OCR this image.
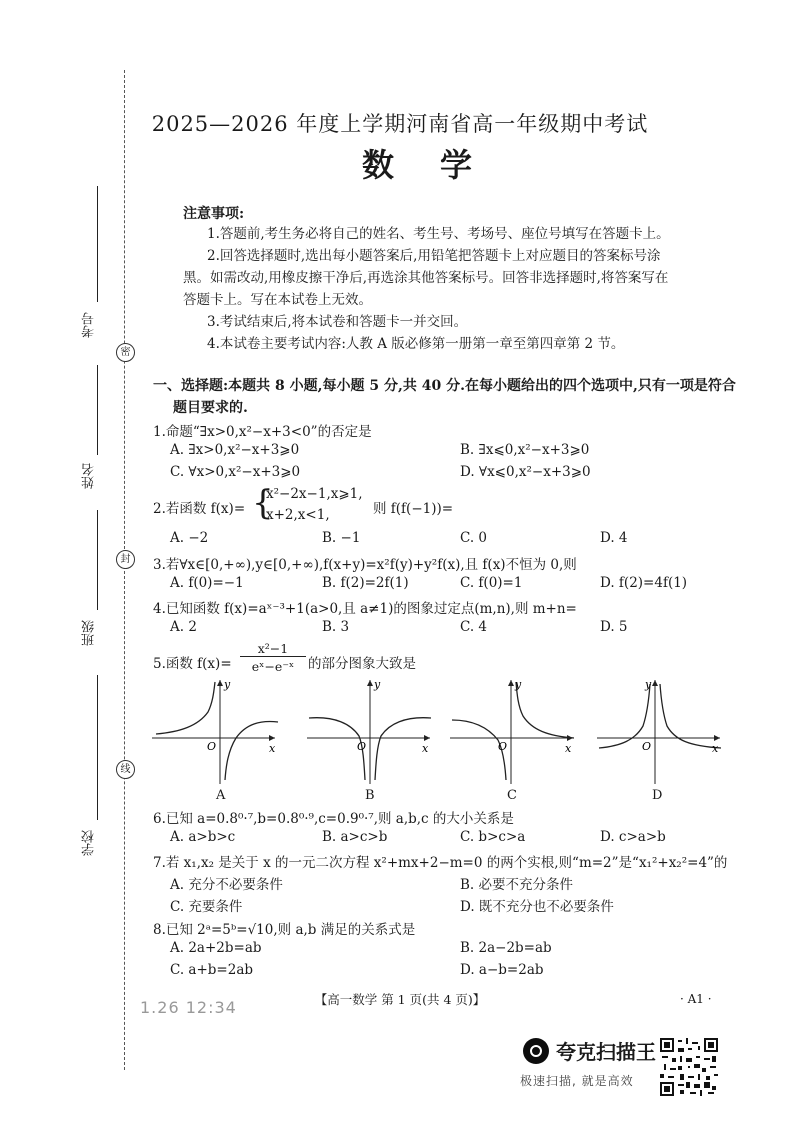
密
封
线
考号
姓名
班级
学校
2025—2026 年度上学期河南省高一年级期中考试
数学
注意事项:
1.答题前,考生务必将自己的姓名、考生号、考场号、座位号填写在答题卡上。
2.回答选择题时,选出每小题答案后,用铅笔把答题卡上对应题目的答案标号涂
黑。如需改动,用橡皮擦干净后,再选涂其他答案标号。回答非选择题时,将答案写在
答题卡上。写在本试卷上无效。
3.考试结束后,将本试卷和答题卡一并交回。
4.本试卷主要考试内容:人教 A 版必修第一册第一章至第四章第 2 节。
一、选择题:本题共 8 小题,每小题 5 分,共 40 分.在每小题给出的四个选项中,只有一项是符合
题目要求的.
1.命题“∃x>0,x²−x+3<0”的否定是
A. ∃x>0,x²−x+3⩾0	B. ∃x⩽0,x²−x+3⩾0
C. ∀x>0,x²−x+3⩾0	D. ∀x⩽0,x²−x+3⩾0
2.若函数 f(x)= {
x²−2x−1,x⩾1,
x+2,x<1,	则 f(f(−1))=
A. −2	B. −1	C. 0	D. 4
3.若∀x∈[0,+∞),y∈[0,+∞),f(x+y)=x²f(y)+y²f(x),且 f(x)不恒为 0,则
A. f(0)=−1	B. f(2)=2f(1)	C. f(0)=1	D. f(2)=4f(1)
4.已知函数 f(x)=aˣ⁻³+1(a>0,且 a≠1)的图象过定点(m,n),则 m+n=
A. 2	B. 3	C. 4	D. 5
5.函数 f(x)=
x²−1
eˣ−e⁻ˣ	的部分图象大致是
y
x
O
y
x
O
y
x
O
y
x
O
A	B	C	D
6.已知 a=0.8⁰·⁷,b=0.8⁰·⁹,c=0.9⁰·⁷,则 a,b,c 的大小关系是
A. a>b>c	B. a>c>b	C. b>c>a	D. c>a>b
7.若 x₁,x₂ 是关于 x 的一元二次方程 x²+mx+2−m=0 的两个实根,则“m=2”是“x₁²+x₂²=4”的
A. 充分不必要条件	B. 必要不充分条件
C. 充要条件	D. 既不充分也不必要条件
8.已知 2ᵃ=5ᵇ=√10,则 a,b 满足的关系式是
A. 2a+2b=ab	B. 2a−2b=ab
C. a+b=2ab	D. a−b=2ab
1.26 12:34	【高一数学 第 1 页(共 4 页)】	· A1 ·
夸克扫描王
极速扫描, 就是高效
